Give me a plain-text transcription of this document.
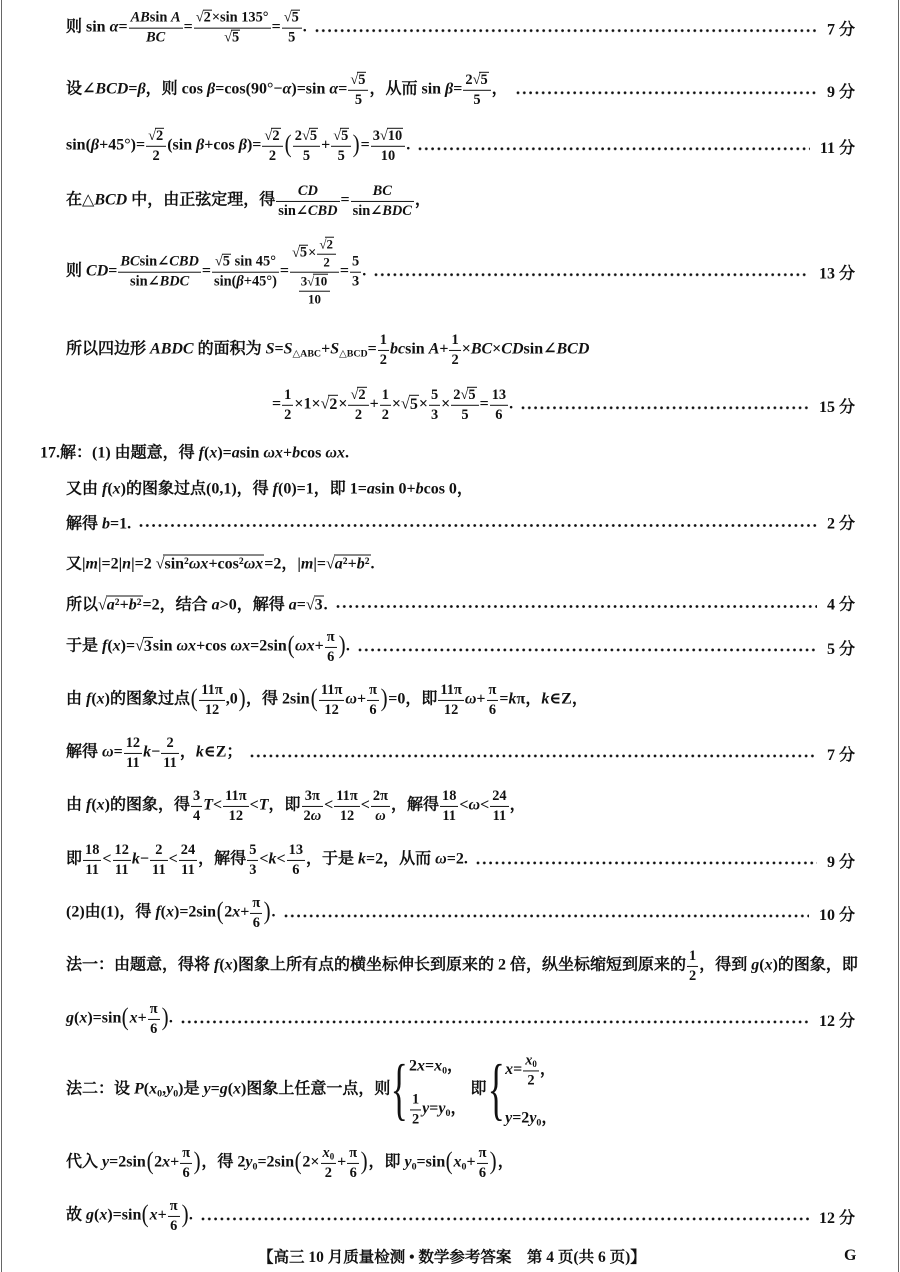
则 $\sin \alpha= \frac{\text{ABsin A}}{BC} = \frac{√2\times\sin 135^\circ}{√5} = \frac{√5}{5}$ .	7 分
设∠BCD=β，则 cos β=cos(90°−α)=sin $\alpha= \frac{√5}{5}$ ，从而 $\sin \beta= \frac{2√5}{5}$ ，	9 分
$\sin(\beta+45^\circ)= \frac{√2}{2} (\sin$ β+cos $\beta)= \frac{√2}{2}$ ( $\frac{2√5}{5} + \frac{√5}{5}$ )= $\frac{3√10}{10}$ .	11 分
在△BCD 中，由正弦定理，得 $\frac{CD}{\text{sin∠CBD}} = \frac{BC}{\text{sin∠BDC}}$ ，
则 $CD= \frac{\text{BCsin∠CBD}}{\text{sin∠BDC}} = \frac{√5 \sin 45^\circ}{\sin(\beta+45^\circ)} = \frac{√5\times \frac{√2}{2}}{\frac{3√10}{10}} = \frac{5}{3}$ .	13 分
所以四边形 ABDC 的面积为 $S=S_{\triangle ABC}+S_{\triangle BCD}= \frac{1}{2}$ bcsin $A+ \frac{1}{2}$ ×BC×CDsin∠BCD
= $\frac{1}{2} \times 1\times√2\times \frac{√2}{2} + \frac{1}{2} \times√5\times \frac{5}{3} \times \frac{2√5}{5} = \frac{13}{6}$ .	15 分
17.解：(1) 由题意，得 f(x)=asin ωx+bcos ωx.
又由 f(x)的图象过点(0,1)，得 f(0)=1，即 1=asin 0+bcos 0，
解得 b=1.	2 分
又|m|=2|n|=2 √sin²ωx+cos²ωx=2，|m|=√a²+b².
所以√a²+b²=2，结合 a>0，解得 a=√3.	4 分
于是 f(x)=√3sin ωx+cos $\omega x=2\sin(\omega x+ \frac{\pi}{6}$ ).	5 分
由 f(x)的图象过点( $\frac{11\pi}{12} ,0$)，得 $2\sin( \frac{11\pi}{12} \omega+ \frac{\pi}{6} )=0$，即 $\frac{11\pi}{12} \omega+ \frac{\pi}{6} =k\pi$，k∈Z，
解得 $\omega= \frac{12}{11} k- \frac{2}{11}$ ，k∈Z；	7 分
由 f(x)的图象，得 $\frac{3}{4} T< \frac{11\pi}{12} <T$，即 $\frac{3\pi}{2\omega} < \frac{11\pi}{12} < \frac{2\pi}{\omega}$ ，解得 $\frac{18}{11} <\omega< \frac{24}{11}$ ，
即 $\frac{18}{11} < \frac{12}{11} k- \frac{2}{11} < \frac{24}{11}$ ，解得 $\frac{5}{3} <k< \frac{13}{6}$ ，于是 k=2，从而 ω=2.	9 分
(2)由(1)，得 $f(x)=2\sin(2x+ \frac{\pi}{6}$ ).	10 分
法一：由题意，得将 f(x)图象上所有点的横坐标伸长到原来的 2 倍，纵坐标缩短到原来的 $\frac{1}{2}$ ，得到 g(x)的图象，即
$g(x)=\sin(x+ \frac{\pi}{6}$ ).	12 分
法二：设 $P(x_0,y_0)$是 y=g(x)图象上任意一点，则{ $2x=x_0$，
$\frac{1}{2} y=y_0$，
即{ $x= \frac{x_0}{2}$ ，
$y=2y_0$，
代入 $y=2\sin(2x+ \frac{\pi}{6}$ )，得 $2y_0=2\sin(2\times \frac{x_0}{2} + \frac{\pi}{6}$ )，即 $y_0=\sin(x_0+ \frac{\pi}{6}$ )，
故 $g(x)=\sin(x+ \frac{\pi}{6}$ ).	12 分
【高三 10 月质量检测 • 数学参考答案　第 4 页(共 6 页)】	G
